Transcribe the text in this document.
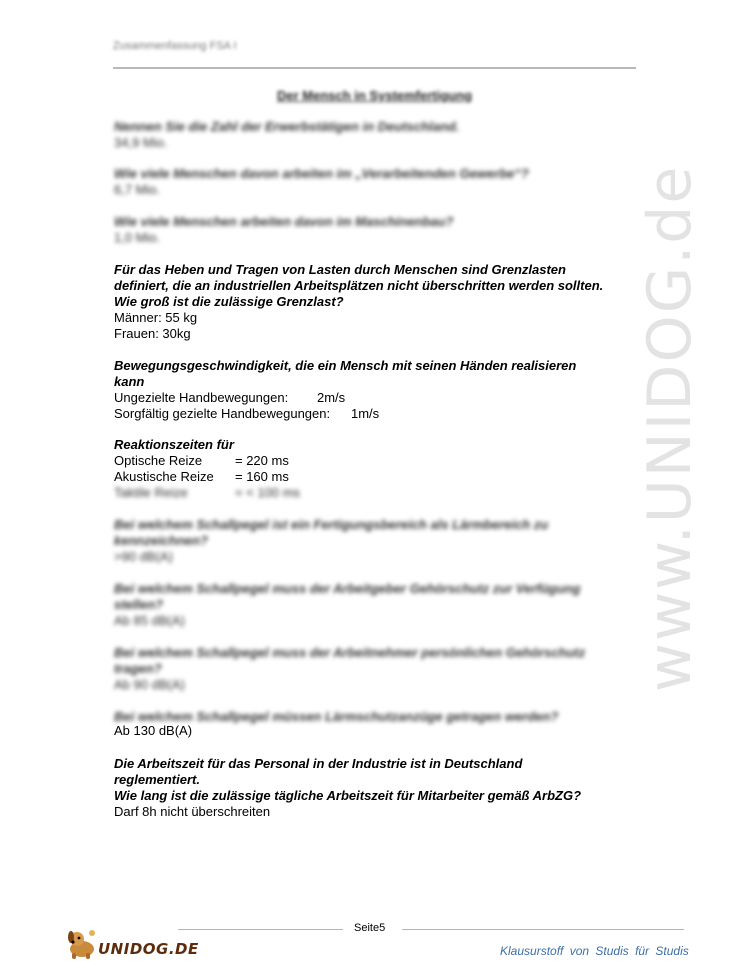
Zusammenfassung FSA I
Der Mensch in Systemfertigung
Nennen Sie die Zahl der Erwerbstätigen in Deutschland.
34,9 Mio.
Wie viele Menschen davon arbeiten im „Verarbeitenden Gewerbe“?
6,7 Mio.
Wie viele Menschen arbeiten davon im Maschinenbau?
1,0 Mio.
Für das Heben und Tragen von Lasten durch Menschen sind Grenzlasten
definiert, die an industriellen Arbeitsplätzen nicht überschritten werden sollten.
Wie groß ist die zulässige Grenzlast?
Männer: 55 kg
Frauen: 30kg
Bewegungsgeschwindigkeit, die ein Mensch mit seinen Händen realisieren
kann
Ungezielte Handbewegungen:	2m/s
Sorgfältig gezielte Handbewegungen:	1m/s
Reaktionszeiten für
Optische Reize	= 220 ms
Akustische Reize	= 160 ms
Taktile Reize	= < 100 ms
Bei welchem Schallpegel ist ein Fertigungsbereich als Lärmbereich zu
kennzeichnen?
>90 dB(A)
Bei welchem Schallpegel muss der Arbeitgeber Gehörschutz zur Verfügung
stellen?
Ab 85 dB(A)
Bei welchem Schallpegel muss der Arbeitnehmer persönlichen Gehörschutz
tragen?
Ab 90 dB(A)
Bei welchem Schallpegel müssen Lärmschutzanzüge getragen werden?
Ab 130 dB(A)
Die Arbeitszeit für das Personal in der Industrie ist in Deutschland
reglementiert.
Wie lang ist die zulässige tägliche Arbeitszeit für Mitarbeiter gemäß ArbZG?
Darf 8h nicht überschreiten
www.UNIDOG.de
Seite5
UNIDOG.DE	Klausurstoff von Studis für Studis
